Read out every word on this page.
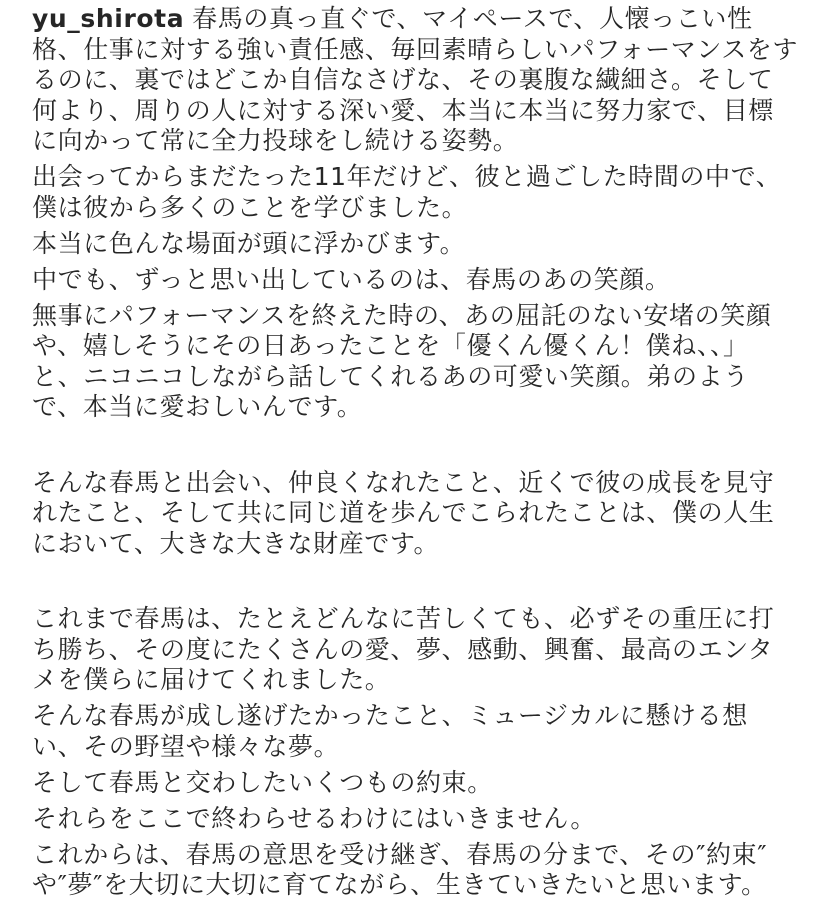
yu_shirota 春馬の真っ直ぐで、マイペースで、人懐っこい性格、仕事に対する強い責任感、毎回素晴らしいパフォーマンスをするのに、裏ではどこか自信なさげな、その裏腹な繊細さ。そして何より、周りの人に対する深い愛、本当に本当に努力家で、目標に向かって常に全力投球をし続ける姿勢。

出会ってからまだたった11年だけど、彼と過ごした時間の中で、僕は彼から多くのことを学びました。

本当に色んな場面が頭に浮かびます。

中でも、ずっと思い出しているのは、春馬のあの笑顔。

無事にパフォーマンスを終えた時の、あの屈託のない安堵の笑顔や、嬉しそうにその日あったことを「優くん優くん！僕ね、、」と、ニコニコしながら話してくれるあの可愛い笑顔。弟のようで、本当に愛おしいんです。

そんな春馬と出会い、仲良くなれたこと、近くで彼の成長を見守れたこと、そして共に同じ道を歩んでこられたことは、僕の人生において、大きな大きな財産です。

これまで春馬は、たとえどんなに苦しくても、必ずその重圧に打ち勝ち、その度にたくさんの愛、夢、感動、興奮、最高のエンタメを僕らに届けてくれました。

そんな春馬が成し遂げたかったこと、ミュージカルに懸ける想い、その野望や様々な夢。

そして春馬と交わしたいくつもの約束。

それらをここで終わらせるわけにはいきません。

これからは、春馬の意思を受け継ぎ、春馬の分まで、その″約束″や″夢″を大切に大切に育てながら、生きていきたいと思います。
